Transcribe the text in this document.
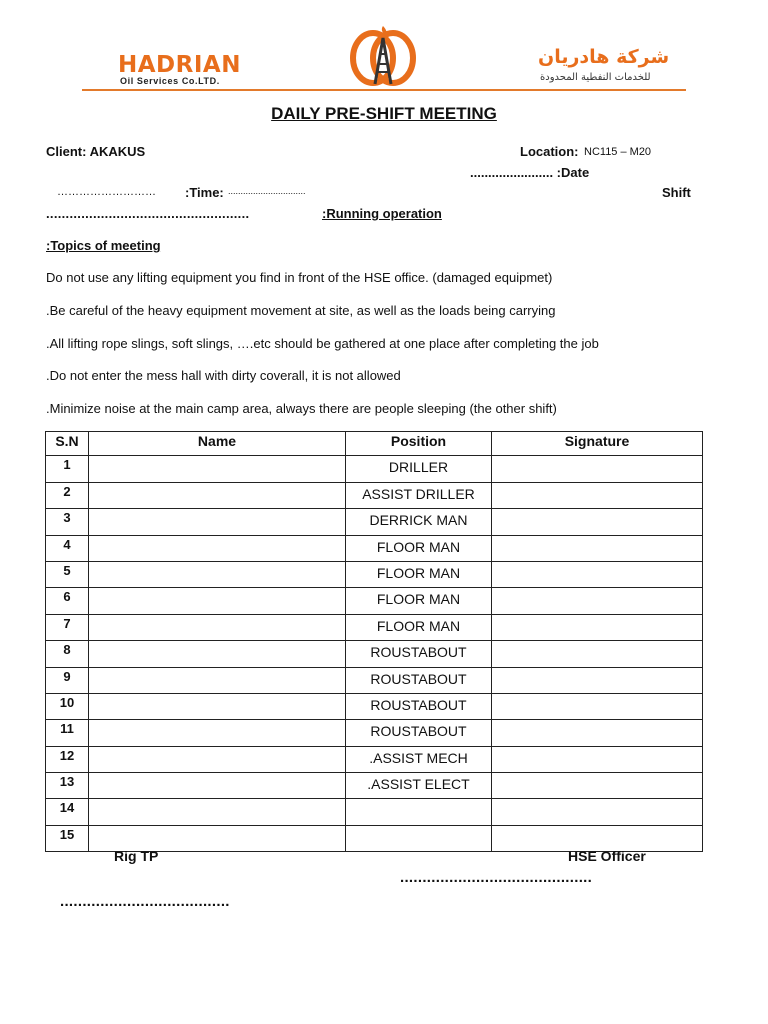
HADRIAN
Oil Services Co.LTD.
شركة هادريان
للخدمات النفطية المحدودة
DAILY PRE-SHIFT MEETING
Client: AKAKUS	Location: NC115 – M20
....................... :Date
……………………… :Time: ...............................	Shift
....................................................	:Running operation
:Topics of meeting
Do not use any lifting equipment you find in front of the HSE office. (damaged equipmet)
.Be careful of the heavy equipment movement at site, as well as the loads being carrying
.All lifting rope slings, soft slings, ….etc should be gathered at one place after completing the job
.Do not enter the mess hall with dirty coverall, it is not allowed
.Minimize noise at the main camp area, always there are people sleeping (the other shift)
S.N	Name	Position	Signature
1		DRILLER	
2		ASSIST DRILLER	
3		DERRICK MAN	
4		FLOOR MAN	
5		FLOOR MAN	
6		FLOOR MAN	
7		FLOOR MAN	
8		ROUSTABOUT	
9		ROUSTABOUT	
10		ROUSTABOUT	
11		ROUSTABOUT	
12		.ASSIST MECH	
13		.ASSIST ELECT	
14			
15			
Rig TP	HSE Officer
...........................................
......................................
